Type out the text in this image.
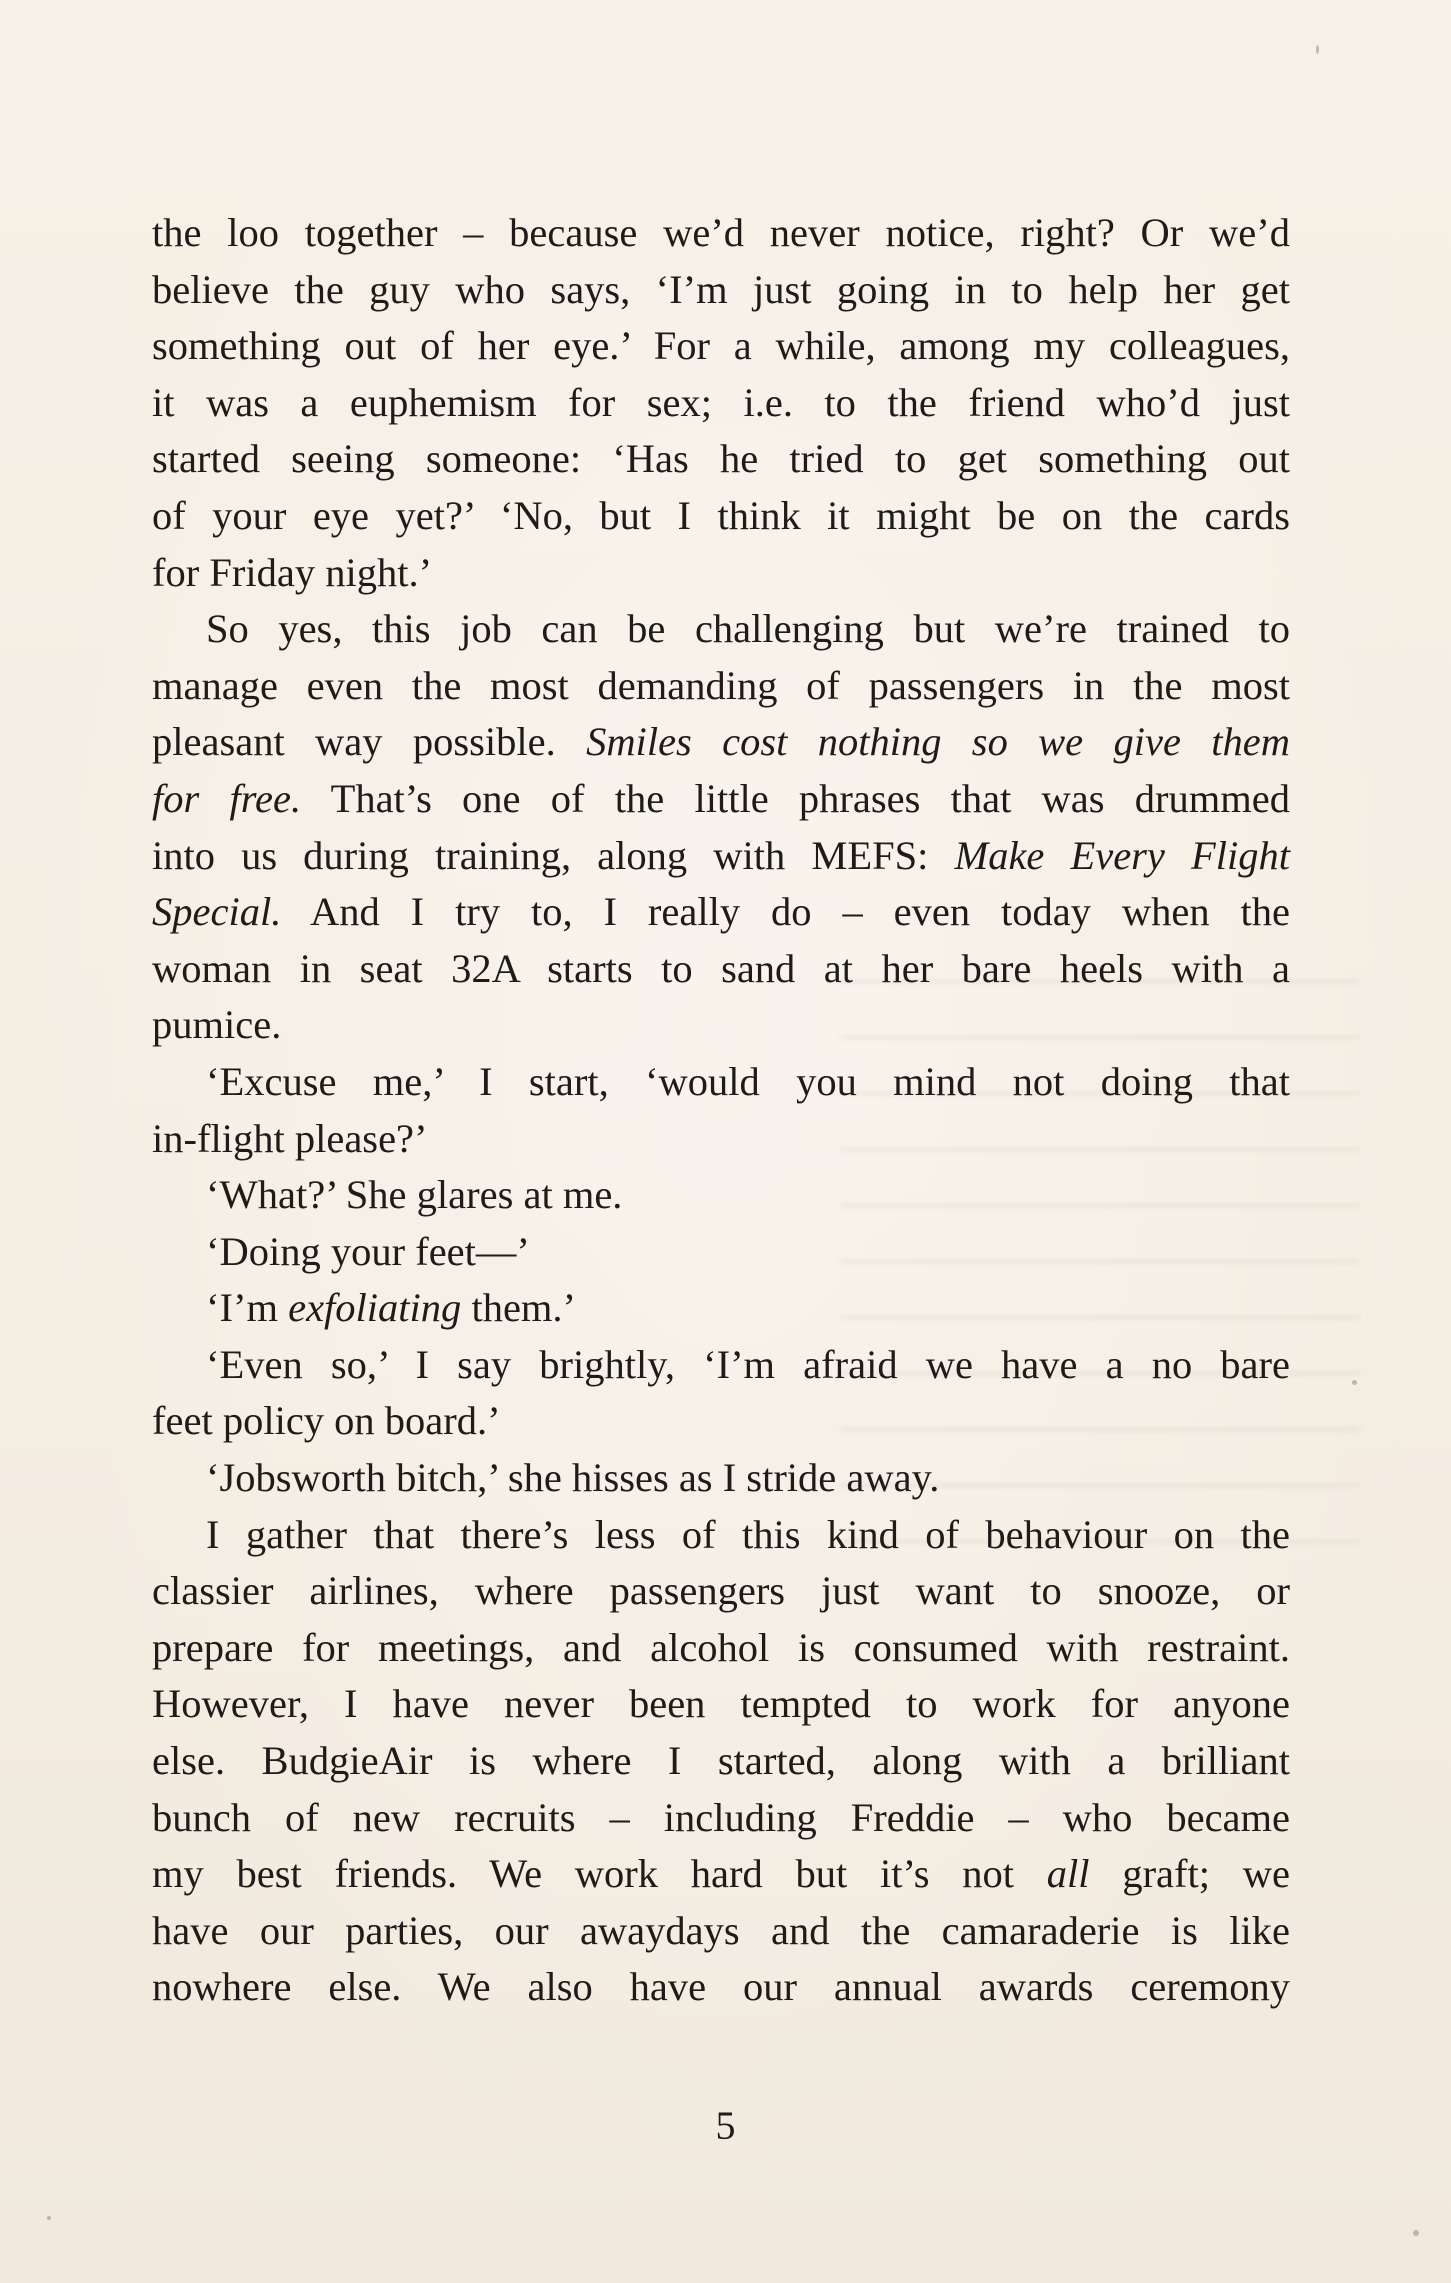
the loo together – because we’d never notice, right? Or we’d
believe the guy who says, ‘I’m just going in to help her get
something out of her eye.’ For a while, among my colleagues,
it was a euphemism for sex; i.e. to the friend who’d just
started seeing someone: ‘Has he tried to get something out
of your eye yet?’ ‘No, but I think it might be on the cards
for Friday night.’
So yes, this job can be challenging but we’re trained to
manage even the most demanding of passengers in the most
pleasant way possible. Smiles cost nothing so we give them
for free. That’s one of the little phrases that was drummed
into us during training, along with MEFS: Make Every Flight
Special. And I try to, I really do – even today when the
woman in seat 32A starts to sand at her bare heels with a
pumice.
‘Excuse me,’ I start, ‘would you mind not doing that
in-flight please?’
‘What?’ She glares at me.
‘Doing your feet—’
‘I’m exfoliating them.’
‘Even so,’ I say brightly, ‘I’m afraid we have a no bare
feet policy on board.’
‘Jobsworth bitch,’ she hisses as I stride away.
I gather that there’s less of this kind of behaviour on the
classier airlines, where passengers just want to snooze, or
prepare for meetings, and alcohol is consumed with restraint.
However, I have never been tempted to work for anyone
else. BudgieAir is where I started, along with a brilliant
bunch of new recruits – including Freddie – who became
my best friends. We work hard but it’s not all graft; we
have our parties, our awaydays and the camaraderie is like
nowhere else. We also have our annual awards ceremony
5
